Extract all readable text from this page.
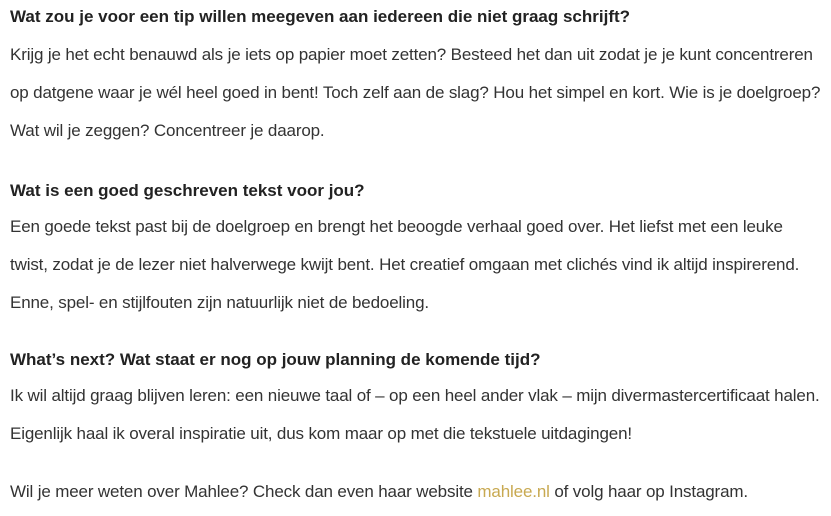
Wat zou je voor een tip willen meegeven aan iedereen die niet graag schrijft?

Krijg je het echt benauwd als je iets op papier moet zetten? Besteed het dan uit zodat je je kunt concentreren op datgene waar je wél heel goed in bent! Toch zelf aan de slag? Hou het simpel en kort. Wie is je doelgroep? Wat wil je zeggen? Concentreer je daarop.

Wat is een goed geschreven tekst voor jou?

Een goede tekst past bij de doelgroep en brengt het beoogde verhaal goed over. Het liefst met een leuke twist, zodat je de lezer niet halverwege kwijt bent. Het creatief omgaan met clichés vind ik altijd inspirerend. Enne, spel- en stijlfouten zijn natuurlijk niet de bedoeling.

What’s next? Wat staat er nog op jouw planning de komende tijd?

Ik wil altijd graag blijven leren: een nieuwe taal of – op een heel ander vlak – mijn divermastercertificaat halen. Eigenlijk haal ik overal inspiratie uit, dus kom maar op met die tekstuele uitdagingen!

Wil je meer weten over Mahlee? Check dan even haar website mahlee.nl of volg haar op Instagram.
